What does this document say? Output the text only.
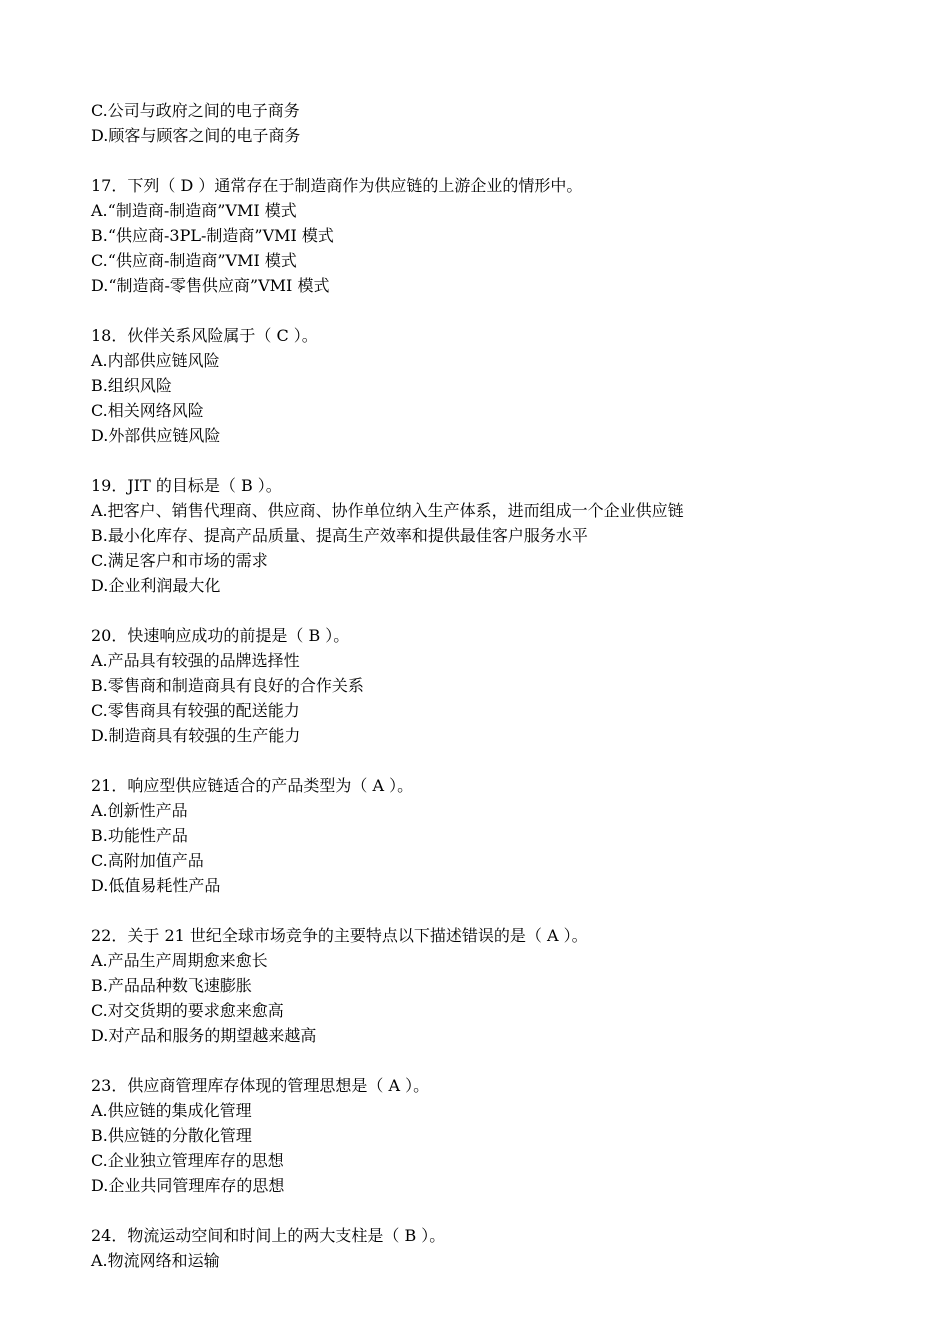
C.公司与政府之间的电子商务
D.顾客与顾客之间的电子商务
17．下列（ D ）通常存在于制造商作为供应链的上游企业的情形中。
A.“制造商-制造商”VMI 模式
B.“供应商-3PL-制造商”VMI 模式
C.“供应商-制造商”VMI 模式
D.“制造商-零售供应商”VMI 模式
18．伙伴关系风险属于（ C ）。
A.内部供应链风险
B.组织风险
C.相关网络风险
D.外部供应链风险
19．JIT 的目标是（ B ）。
A.把客户、销售代理商、供应商、协作单位纳入生产体系，进而组成一个企业供应链
B.最小化库存、提高产品质量、提高生产效率和提供最佳客户服务水平
C.满足客户和市场的需求
D.企业利润最大化
20．快速响应成功的前提是（ B ）。
A.产品具有较强的品牌选择性
B.零售商和制造商具有良好的合作关系
C.零售商具有较强的配送能力
D.制造商具有较强的生产能力
21．响应型供应链适合的产品类型为（ A ）。
A.创新性产品
B.功能性产品
C.高附加值产品
D.低值易耗性产品
22．关于 21 世纪全球市场竞争的主要特点以下描述错误的是（ A ）。
A.产品生产周期愈来愈长
B.产品品种数飞速膨胀
C.对交货期的要求愈来愈高
D.对产品和服务的期望越来越高
23．供应商管理库存体现的管理思想是（ A ）。
A.供应链的集成化管理
B.供应链的分散化管理
C.企业独立管理库存的思想
D.企业共同管理库存的思想
24．物流运动空间和时间上的两大支柱是（ B ）。
A.物流网络和运输
